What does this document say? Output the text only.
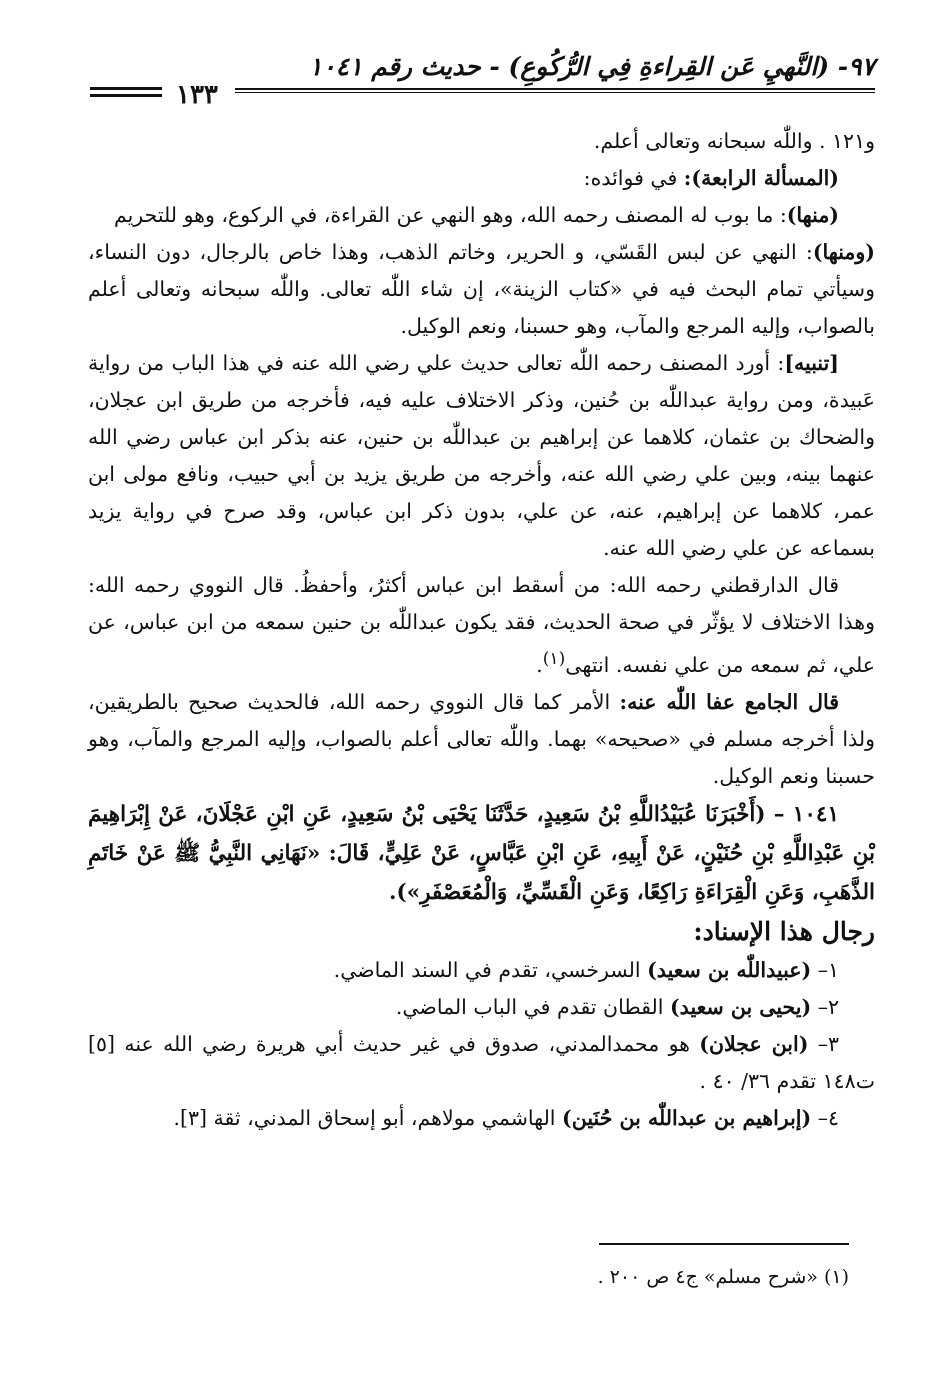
٩٧- (النَّهيِ عَن القِراءةِ فِي الرُّكُوعِ) - حديث رقم ١٠٤١
١٣٣

و١٢١ . واللّٰه سبحانه وتعالى أعلم.

(المسألة الرابعة): في فوائده:

(منها): ما بوب له المصنف رحمه الله، وهو النهي عن القراءة، في الركوع، وهو للتحريم

(ومنها): النهي عن لبس القَسّي، و الحرير، وخاتم الذهب، وهذا خاص بالرجال، دون النساء، وسيأتي تمام البحث فيه في «كتاب الزينة»، إن شاء اللّٰه تعالى. واللّٰه سبحانه وتعالى أعلم بالصواب، وإليه المرجع والمآب، وهو حسبنا، ونعم الوكيل.

[تنبيه]: أورد المصنف رحمه اللّٰه تعالى حديث علي رضي الله عنه في هذا الباب من رواية عَبيدة، ومن رواية عبداللّٰه بن حُنين، وذكر الاختلاف عليه فيه، فأخرجه من طريق ابن عجلان، والضحاك بن عثمان، كلاهما عن إبراهيم بن عبداللّٰه بن حنين، عنه بذكر ابن عباس رضي الله عنهما بينه، وبين علي رضي الله عنه، وأخرجه من طريق يزيد بن أبي حبيب، ونافع مولى ابن عمر، كلاهما عن إبراهيم، عنه، عن علي، بدون ذكر ابن عباس، وقد صرح في رواية يزيد بسماعه عن علي رضي الله عنه.

قال الدارقطني رحمه الله: من أسقط ابن عباس أكثرُ، وأحفظُ. قال النووي رحمه الله: وهذا الاختلاف لا يؤثّر في صحة الحديث، فقد يكون عبداللّٰه بن حنين سمعه من ابن عباس، عن علي، ثم سمعه من علي نفسه. انتهى$^{(١)}$.

قال الجامع عفا اللّٰه عنه: الأمر كما قال النووي رحمه الله، فالحديث صحيح بالطريقين، ولذا أخرجه مسلم في «صحيحه» بهما. واللّٰه تعالى أعلم بالصواب، وإليه المرجع والمآب، وهو حسبنا ونعم الوكيل.

١٠٤١ – (أَخْبَرَنَا عُبَيْدُاللَّهِ بْنُ سَعِيدٍ، حَدَّثَنَا يَحْيَى بْنُ سَعِيدٍ، عَنِ ابْنِ عَجْلَانَ، عَنْ إِبْرَاهِيمَ بْنِ عَبْدِاللَّهِ بْنِ حُنَيْنٍ، عَنْ أَبِيهِ، عَنِ ابْنِ عَبَّاسٍ، عَنْ عَلِيٍّ، قَالَ: «نَهَانِي النَّبِيُّ ﷺ عَنْ خَاتَمِ الذَّهَبِ، وَعَنِ الْقِرَاءَةِ رَاكِعًا، وَعَنِ الْقَسِّيِّ، وَالْمُعَصْفَرِ»).

رجال هذا الإسناد:

١– (عبيداللّٰه بن سعيد) السرخسي، تقدم في السند الماضي.

٢– (يحيى بن سعيد) القطان تقدم في الباب الماضي.

٣– (ابن عجلان) هو محمدالمدني، صدوق في غير حديث أبي هريرة رضي الله عنه [٥] ت١٤٨ تقدم ٣٦/ ٤٠ .

٤– (إبراهيم بن عبداللّٰه بن حُنَين) الهاشمي مولاهم، أبو إسحاق المدني، ثقة [٣].

(١) «شرح مسلم» ج٤ ص ٢٠٠ .
